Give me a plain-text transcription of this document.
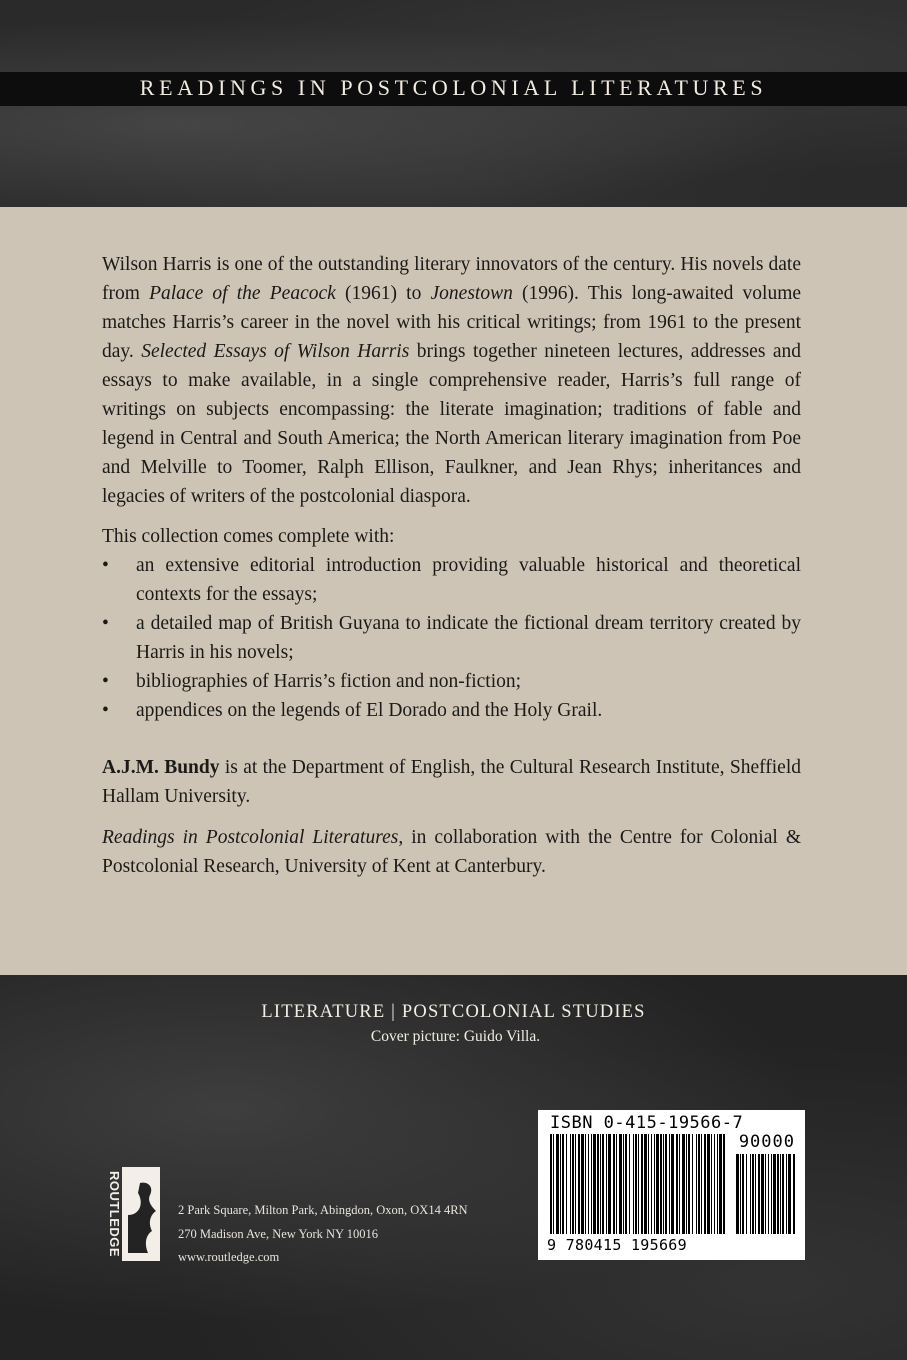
READINGS IN POSTCOLONIAL LITERATURES
Wilson Harris is one of the outstanding literary innovators of the century. His novels date from Palace of the Peacock (1961) to Jonestown (1996). This long-awaited volume matches Harris’s career in the novel with his critical writings; from 1961 to the present day. Selected Essays of Wilson Harris brings together nineteen lectures, addresses and essays to make available, in a single comprehensive reader, Harris’s full range of writings on subjects encompassing: the literate imagination; traditions of fable and legend in Central and South America; the North American literary imagination from Poe and Melville to Toomer, Ralph Ellison, Faulkner, and Jean Rhys; inheritances and legacies of writers of the postcolonial diaspora.
This collection comes complete with:
• an extensive editorial introduction providing valuable historical and theoretical contexts for the essays;
• a detailed map of British Guyana to indicate the fictional dream territory created by Harris in his novels;
• bibliographies of Harris’s fiction and non-fiction;
• appendices on the legends of El Dorado and the Holy Grail.
A.J.M. Bundy is at the Department of English, the Cultural Research Institute, Sheffield Hallam University.
Readings in Postcolonial Literatures, in collaboration with the Centre for Colonial & Postcolonial Research, University of Kent at Canterbury.
LITERATURE | POSTCOLONIAL STUDIES
Cover picture: Guido Villa.
ROUTLEDGE	2 Park Square, Milton Park, Abingdon, Oxon, OX14 4RN
270 Madison Ave, New York NY 10016
www.routledge.com
ISBN 0-415-19566-7
90000
9 780415 195669
